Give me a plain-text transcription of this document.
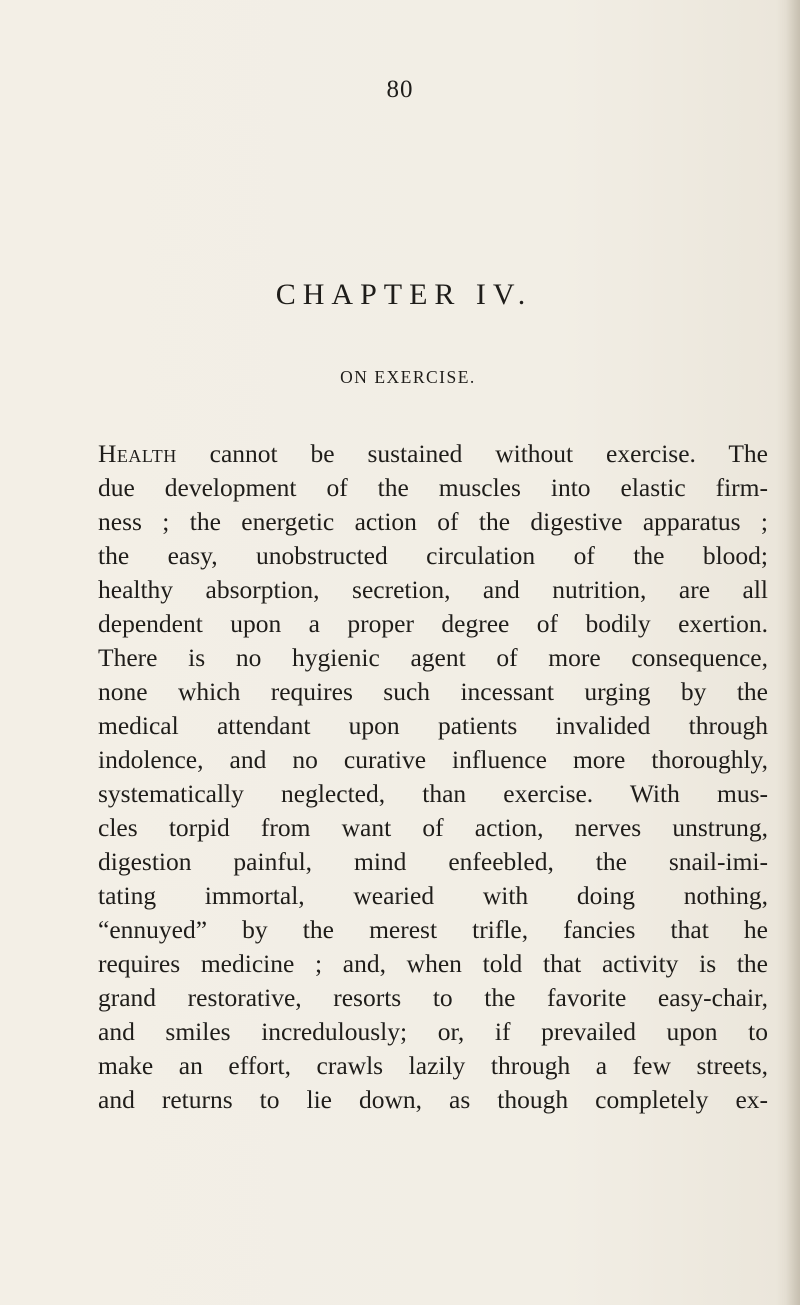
80
CHAPTER IV.
ON EXERCISE.
Health cannot be sustained without exercise. The
due development of the muscles into elastic firm-
ness ; the energetic action of the digestive apparatus ;
the easy, unobstructed circulation of the blood;
healthy absorption, secretion, and nutrition, are all
dependent upon a proper degree of bodily exertion.
There is no hygienic agent of more consequence,
none which requires such incessant urging by the
medical attendant upon patients invalided through
indolence, and no curative influence more thoroughly,
systematically neglected, than exercise. With mus-
cles torpid from want of action, nerves unstrung,
digestion painful, mind enfeebled, the snail-imi-
tating immortal, wearied with doing nothing,
“ennuyed” by the merest trifle, fancies that he
requires medicine ; and, when told that activity is the
grand restorative, resorts to the favorite easy-chair,
and smiles incredulously; or, if prevailed upon to
make an effort, crawls lazily through a few streets,
and returns to lie down, as though completely ex-
